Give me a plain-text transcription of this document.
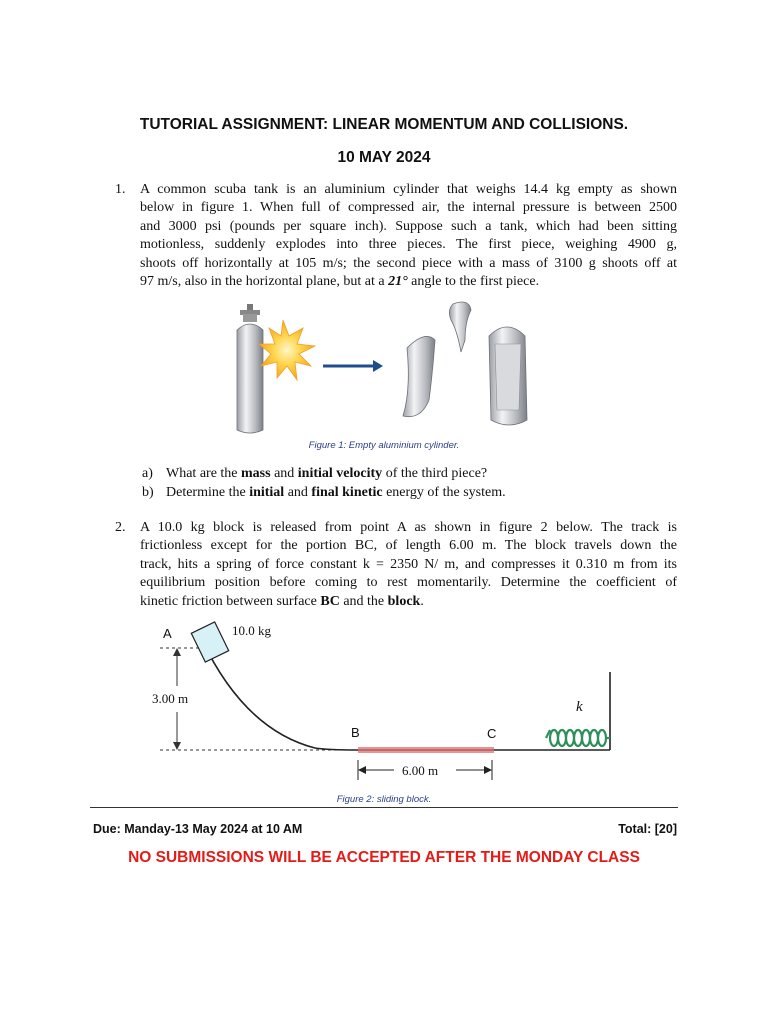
TUTORIAL ASSIGNMENT: LINEAR MOMENTUM AND COLLISIONS.
10 MAY 2024
1. A common scuba tank is an aluminium cylinder that weighs 14.4 kg empty as shown
below in figure 1. When full of compressed air, the internal pressure is between 2500
and 3000 psi (pounds per square inch). Suppose such a tank, which had been sitting
motionless, suddenly explodes into three pieces. The first piece, weighing 4900 g,
shoots off horizontally at 105 m/s; the second piece with a mass of 3100 g shoots off at
97 m/s, also in the horizontal plane, but at a 21° angle to the first piece.
Figure 1: Empty aluminium cylinder.
a) What are the mass and initial velocity of the third piece?
b) Determine the initial and final kinetic energy of the system.
2. A 10.0 kg block is released from point A as shown in figure 2 below. The track is
frictionless except for the portion BC, of length 6.00 m. The block travels down the
track, hits a spring of force constant k = 2350 N/ m, and compresses it 0.310 m from its
equilibrium position before coming to rest momentarily. Determine the coefficient of
kinetic friction between surface BC and the block.
3.00 m
A	10.0 kg
B	C
k
6.00 m
Figure 2: sliding block.
Due: Manday-13 May 2024 at 10 AM	Total: [20]
NO SUBMISSIONS WILL BE ACCEPTED AFTER THE MONDAY CLASS
